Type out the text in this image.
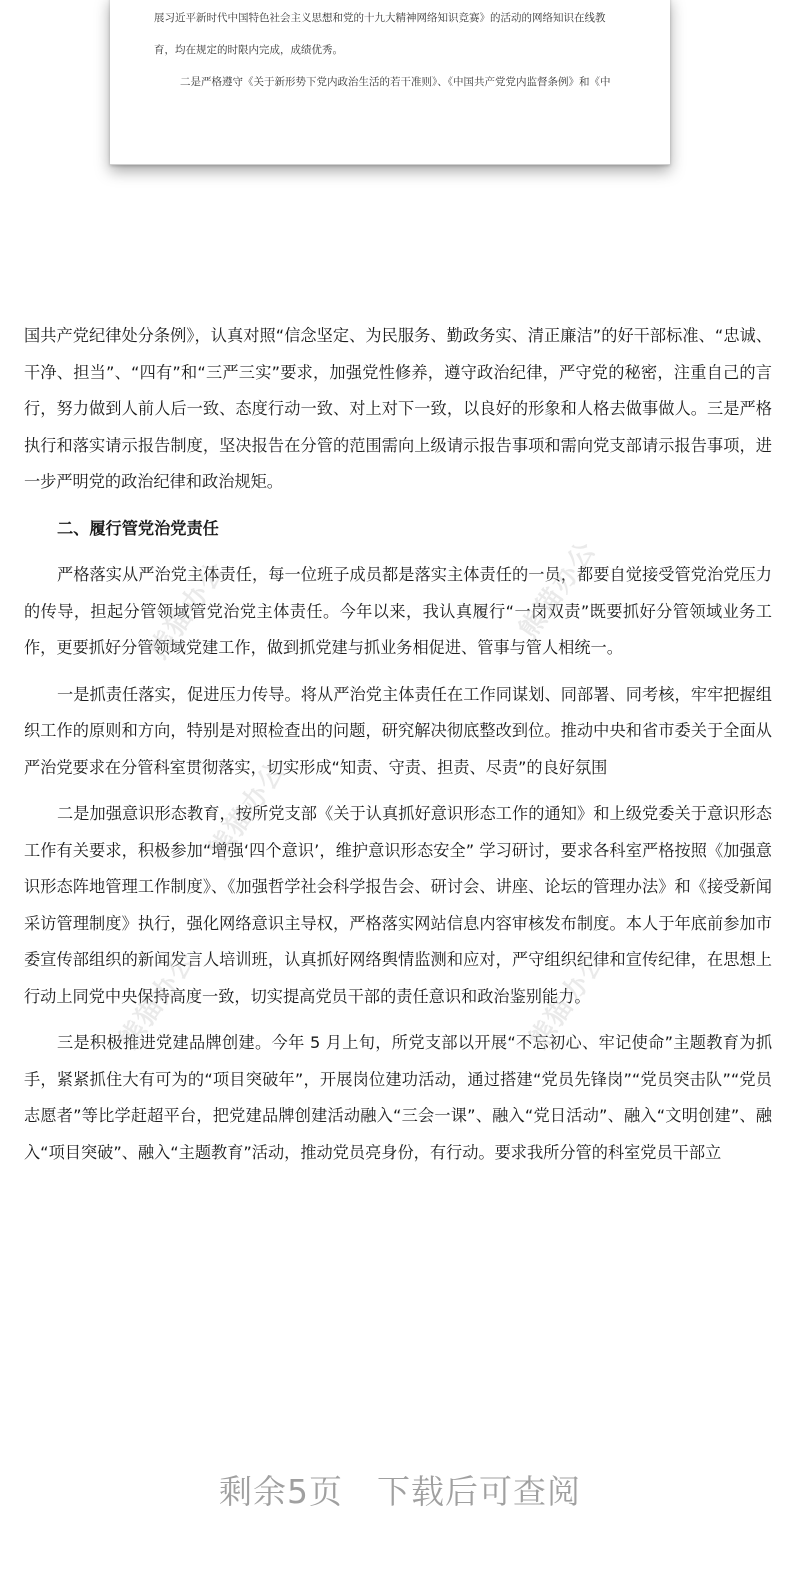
展习近平新时代中国特色社会主义思想和党的十九大精神网络知识竞赛》的活动的网络知识在线教

育，均在规定的时限内完成，成绩优秀。

二是严格遵守《关于新形势下党内政治生活的若干准则》、《中国共产党党内监督条例》和《中

国共产党纪律处分条例》，认真对照“信念坚定、为民服务、勤政务实、清正廉洁”的好干部标准、“忠诚、干净、担当”、“四有”和“三严三实”要求，加强党性修养，遵守政治纪律，严守党的秘密，注重自己的言行，努力做到人前人后一致、态度行动一致、对上对下一致，以良好的形象和人格去做事做人。三是严格执行和落实请示报告制度，坚决报告在分管的范围需向上级请示报告事项和需向党支部请示报告事项，进一步严明党的政治纪律和政治规矩。

二、履行管党治党责任

严格落实从严治党主体责任，每一位班子成员都是落实主体责任的一员，都要自觉接受管党治党压力的传导，担起分管领域管党治党主体责任。今年以来，我认真履行“一岗双责”既要抓好分管领域业务工作，更要抓好分管领域党建工作，做到抓党建与抓业务相促进、管事与管人相统一。

一是抓责任落实，促进压力传导。将从严治党主体责任在工作同谋划、同部署、同考核，牢牢把握组织工作的原则和方向，特别是对照检查出的问题，研究解决彻底整改到位。推动中央和省市委关于全面从严治党要求在分管科室贯彻落实，切实形成“知责、守责、担责、尽责”的良好氛围

二是加强意识形态教育，按所党支部《关于认真抓好意识形态工作的通知》和上级党委关于意识形态工作有关要求，积极参加“增强‘四个意识’，维护意识形态安全” 学习研讨，要求各科室严格按照《加强意识形态阵地管理工作制度》、《加强哲学社会科学报告会、研讨会、讲座、论坛的管理办法》和《接受新闻采访管理制度》执行，强化网络意识主导权，严格落实网站信息内容审核发布制度。本人于年底前参加市委宣传部组织的新闻发言人培训班，认真抓好网络舆情监测和应对，严守组织纪律和宣传纪律，在思想上行动上同党中央保持高度一致，切实提高党员干部的责任意识和政治鉴别能力。

三是积极推进党建品牌创建。今年 5 月上旬，所党支部以开展“不忘初心、牢记使命”主题教育为抓手，紧紧抓住大有可为的“项目突破年”，开展岗位建功活动，通过搭建“党员先锋岗”“党员突击队”“党员志愿者”等比学赶超平台，把党建品牌创建活动融入“三会一课”、融入“党日活动”、融入“文明创建”、融入“项目突破”、融入“主题教育”活动，推动党员亮身份，有行动。要求我所分管的科室党员干部立

熊猫办公	熊猫办公
熊猫办公
熊猫办公	熊猫办公
剩余5页　下载后可查阅
